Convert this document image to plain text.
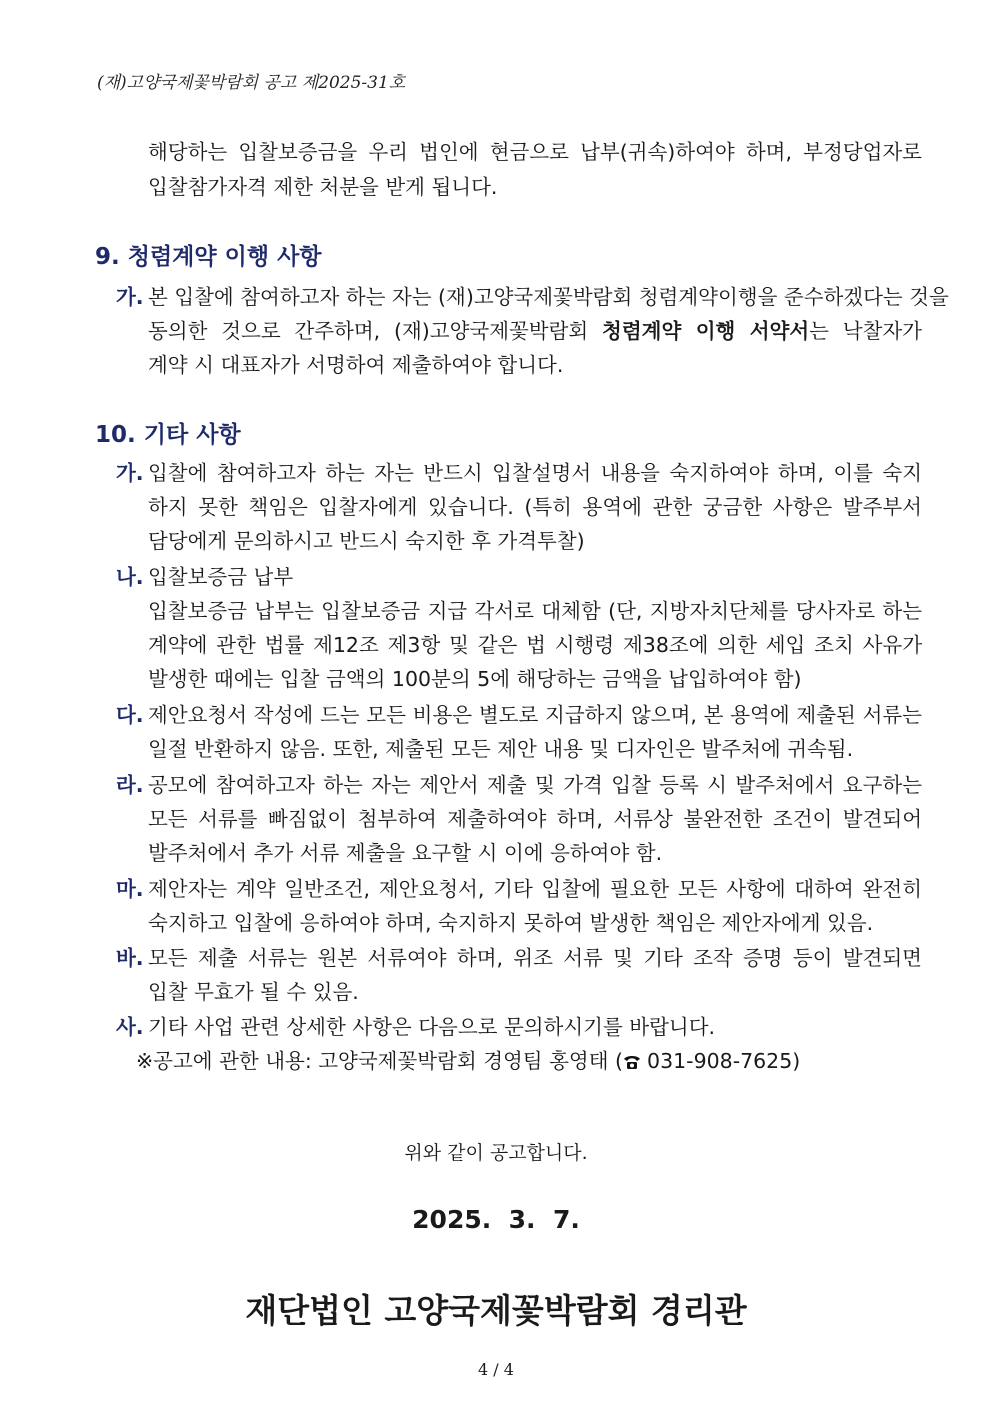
(재)고양국제꽃박람회 공고 제2025-31호
해당하는 입찰보증금을 우리 법인에 현금으로 납부(귀속)하여야 하며, 부정당업자로
입찰참가자격 제한 처분을 받게 됩니다.
9. 청렴계약 이행 사항
가. 본 입찰에 참여하고자 하는 자는 (재)고양국제꽃박람회 청렴계약이행을 준수하겠다는 것을
동의한 것으로 간주하며, (재)고양국제꽃박람회 청렴계약 이행 서약서는 낙찰자가
계약 시 대표자가 서명하여 제출하여야 합니다.
10. 기타 사항
가. 입찰에 참여하고자 하는 자는 반드시 입찰설명서 내용을 숙지하여야 하며, 이를 숙지
하지 못한 책임은 입찰자에게 있습니다. (특히 용역에 관한 궁금한 사항은 발주부서
담당에게 문의하시고 반드시 숙지한 후 가격투찰)
나. 입찰보증금 납부
입찰보증금 납부는 입찰보증금 지급 각서로 대체함 (단, 지방자치단체를 당사자로 하는
계약에 관한 법률 제12조 제3항 및 같은 법 시행령 제38조에 의한 세입 조치 사유가
발생한 때에는 입찰 금액의 100분의 5에 해당하는 금액을 납입하여야 함)
다. 제안요청서 작성에 드는 모든 비용은 별도로 지급하지 않으며, 본 용역에 제출된 서류는
일절 반환하지 않음. 또한, 제출된 모든 제안 내용 및 디자인은 발주처에 귀속됨.
라. 공모에 참여하고자 하는 자는 제안서 제출 및 가격 입찰 등록 시 발주처에서 요구하는
모든 서류를 빠짐없이 첨부하여 제출하여야 하며, 서류상 불완전한 조건이 발견되어
발주처에서 추가 서류 제출을 요구할 시 이에 응하여야 함.
마. 제안자는 계약 일반조건, 제안요청서, 기타 입찰에 필요한 모든 사항에 대하여 완전히
숙지하고 입찰에 응하여야 하며, 숙지하지 못하여 발생한 책임은 제안자에게 있음.
바. 모든 제출 서류는 원본 서류여야 하며, 위조 서류 및 기타 조작 증명 등이 발견되면
입찰 무효가 될 수 있음.
사. 기타 사업 관련 상세한 사항은 다음으로 문의하시기를 바랍니다.
※공고에 관한 내용: 고양국제꽃박람회 경영팀 홍영태 ( 031-908-7625)
위와 같이 공고합니다.
2025.  3.  7.
재단법인 고양국제꽃박람회 경리관
4 / 4
